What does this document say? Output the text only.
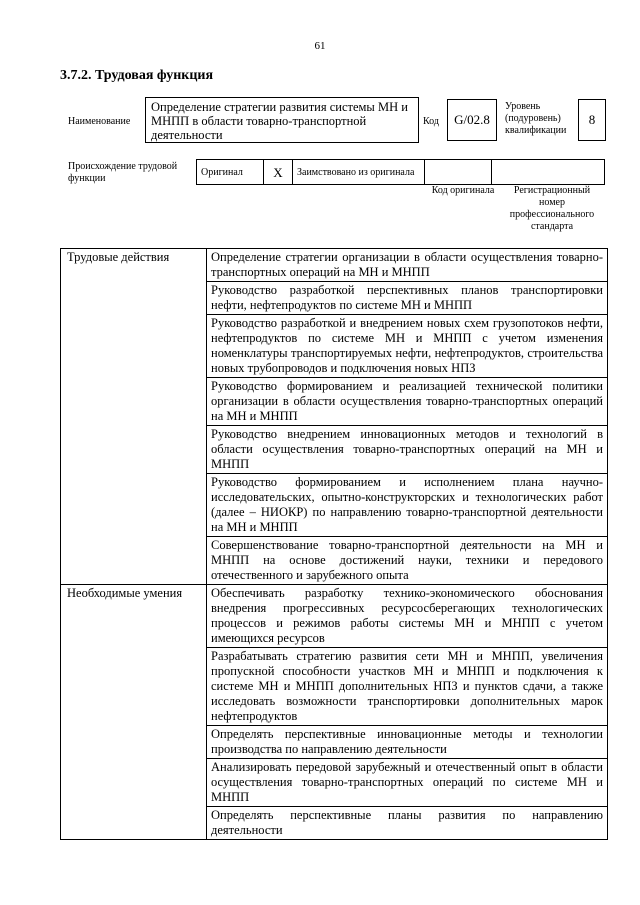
61
3.7.2. Трудовая функция
Наименование
Определение стратегии развития системы МН и МНПП в области товарно-транспортной деятельности
Код	G/02.8
Уровень (подуровень) квалификации
8
Происхождение трудовой функции
Оригинал	X	Заимствовано из оригинала		
Код оригинала	Регистрационный номер профессионального стандарта
Трудовые действия	Определение стратегии организации в области осуществления товарно-транспортных операций на МН и МНПП
	Руководство разработкой перспективных планов транспортировки нефти, нефтепродуктов по системе МН и МНПП
	Руководство разработкой и внедрением новых схем грузопотоков нефти, нефтепродуктов по системе МН и МНПП с учетом изменения номенклатуры транспортируемых нефти, нефтепродуктов, строительства новых трубопроводов и подключения новых НПЗ
	Руководство формированием и реализацией технической политики организации в области осуществления товарно-транспортных операций на МН и МНПП
	Руководство внедрением инновационных методов и технологий в области осуществления товарно-транспортных операций на МН и МНПП
	Руководство формированием и исполнением плана научно-исследовательских, опытно-конструкторских и технологических работ (далее – НИОКР) по направлению товарно-транспортной деятельности на МН и МНПП
	Совершенствование товарно-транспортной деятельности на МН и МНПП на основе достижений науки, техники и передового отечественного и зарубежного опыта
Необходимые умения	Обеспечивать разработку технико-экономического обоснования внедрения прогрессивных ресурсосберегающих технологических процессов и режимов работы системы МН и МНПП с учетом имеющихся ресурсов
	Разрабатывать стратегию развития сети МН и МНПП, увеличения пропускной способности участков МН и МНПП и подключения к системе МН и МНПП дополнительных НПЗ и пунктов сдачи, а также исследовать возможности транспортировки дополнительных марок нефтепродуктов
	Определять перспективные инновационные методы и технологии производства по направлению деятельности
	Анализировать передовой зарубежный и отечественный опыт в области осуществления товарно-транспортных операций по системе МН и МНПП
	Определять перспективные планы развития по направлению деятельности
